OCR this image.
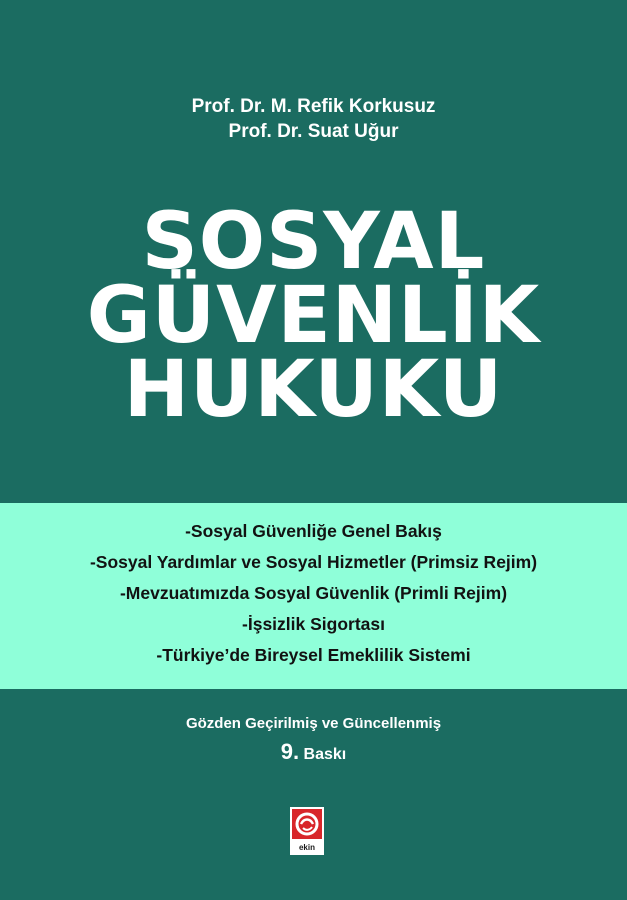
Prof. Dr. M. Refik Korkusuz
Prof. Dr. Suat Uğur
SOSYAL
GÜVENLİK
HUKUKU
-Sosyal Güvenliğe Genel Bakış
-Sosyal Yardımlar ve Sosyal Hizmetler (Primsiz Rejim)
-Mevzuatımızda Sosyal Güvenlik (Primli Rejim)
-İşsizlik Sigortası
-Türkiye’de Bireysel Emeklilik Sistemi
Gözden Geçirilmiş ve Güncellenmiş
9. Baskı
ekin
